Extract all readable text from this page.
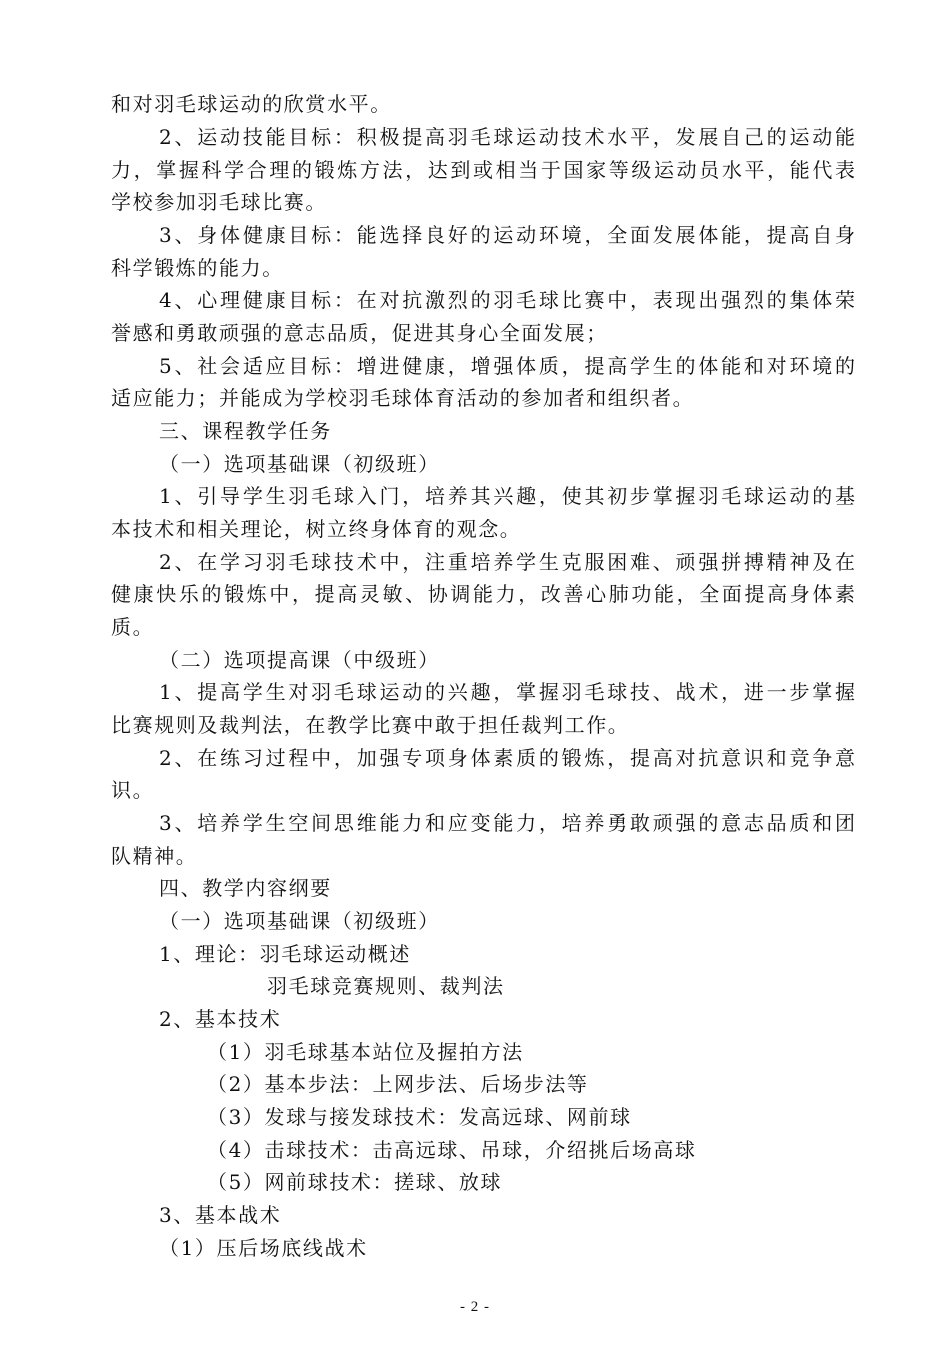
和对羽毛球运动的欣赏水平。
2、运动技能目标：积极提高羽毛球运动技术水平，发展自己的运动能
力，掌握科学合理的锻炼方法，达到或相当于国家等级运动员水平，能代表
学校参加羽毛球比赛。
3、身体健康目标：能选择良好的运动环境，全面发展体能，提高自身
科学锻炼的能力。
4、心理健康目标：在对抗激烈的羽毛球比赛中，表现出强烈的集体荣
誉感和勇敢顽强的意志品质，促进其身心全面发展；
5、社会适应目标：增进健康，增强体质，提高学生的体能和对环境的
适应能力；并能成为学校羽毛球体育活动的参加者和组织者。
三、课程教学任务
（一）选项基础课（初级班）
1、引导学生羽毛球入门，培养其兴趣，使其初步掌握羽毛球运动的基
本技术和相关理论，树立终身体育的观念。
2、在学习羽毛球技术中，注重培养学生克服困难、顽强拼搏精神及在
健康快乐的锻炼中，提高灵敏、协调能力，改善心肺功能，全面提高身体素
质。
（二）选项提高课（中级班）
1、提高学生对羽毛球运动的兴趣，掌握羽毛球技、战术，进一步掌握
比赛规则及裁判法，在教学比赛中敢于担任裁判工作。
2、在练习过程中，加强专项身体素质的锻炼，提高对抗意识和竞争意
识。
3、培养学生空间思维能力和应变能力，培养勇敢顽强的意志品质和团
队精神。
四、教学内容纲要
（一）选项基础课（初级班）
1、理论：羽毛球运动概述
羽毛球竞赛规则、裁判法
2、基本技术
（1）羽毛球基本站位及握拍方法
（2）基本步法：上网步法、后场步法等
（3）发球与接发球技术：发高远球、网前球
（4）击球技术：击高远球、吊球，介绍挑后场高球
（5）网前球技术：搓球、放球
3、基本战术
（1）压后场底线战术
- 2 -
